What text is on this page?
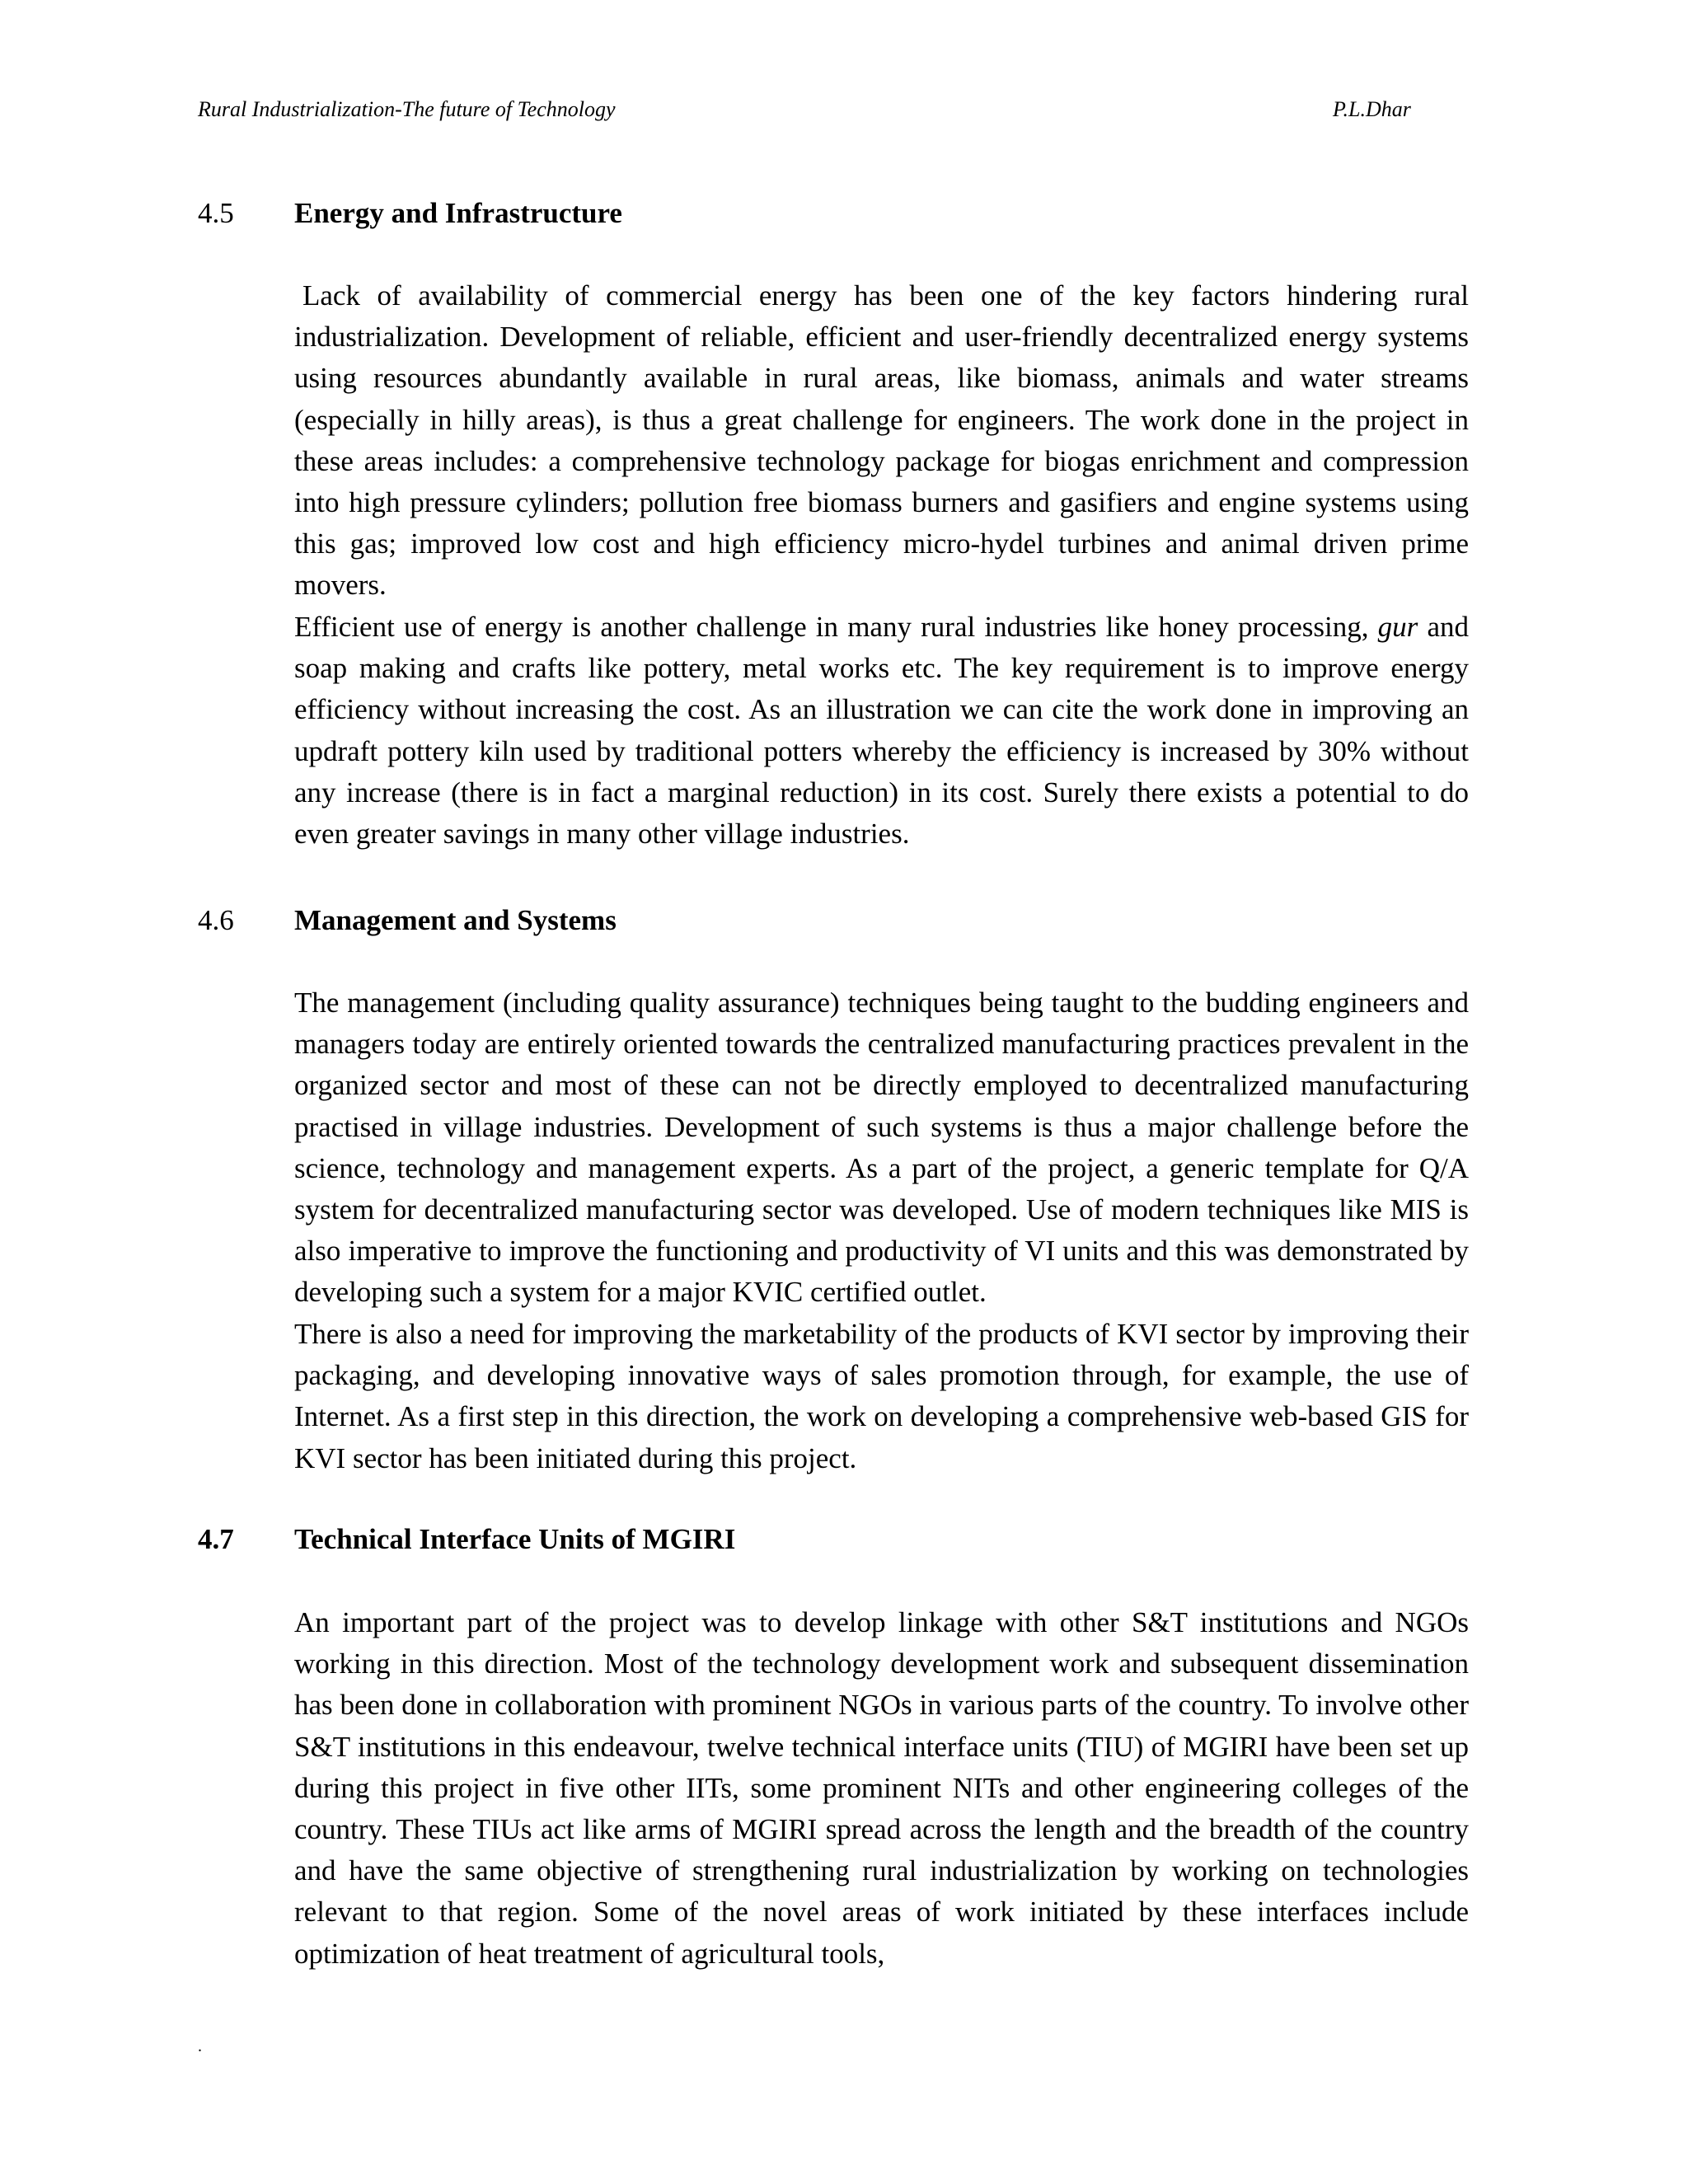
Rural Industrialization-The future of Technology	P.L.Dhar
4.5 Energy and Infrastructure

Lack of availability of commercial energy has been one of the key factors hindering rural industrialization. Development of reliable, efficient and user-friendly decentralized energy systems using resources abundantly available in rural areas, like biomass, animals and water streams (especially in hilly areas), is thus a great challenge for engineers. The work done in the project in these areas includes: a comprehensive technology package for biogas enrichment and compression into high pressure cylinders; pollution free biomass burners and gasifiers and engine systems using this gas; improved low cost and high efficiency micro-hydel turbines and animal driven prime movers.

Efficient use of energy is another challenge in many rural industries like honey processing, gur and soap making and crafts like pottery, metal works etc. The key requirement is to improve energy efficiency without increasing the cost. As an illustration we can cite the work done in improving an updraft pottery kiln used by traditional potters whereby the efficiency is increased by 30% without any increase (there is in fact a marginal reduction) in its cost. Surely there exists a potential to do even greater savings in many other village industries.

4.6 Management and Systems

The management (including quality assurance) techniques being taught to the budding engineers and managers today are entirely oriented towards the centralized manufacturing practices prevalent in the organized sector and most of these can not be directly employed to decentralized manufacturing practised in village industries. Development of such systems is thus a major challenge before the science, technology and management experts. As a part of the project, a generic template for Q/A system for decentralized manufacturing sector was developed. Use of modern techniques like MIS is also imperative to improve the functioning and productivity of VI units and this was demonstrated by developing such a system for a major KVIC certified outlet.

There is also a need for improving the marketability of the products of KVI sector by improving their packaging, and developing innovative ways of sales promotion through, for example, the use of Internet. As a first step in this direction, the work on developing a comprehensive web-based GIS for KVI sector has been initiated during this project.

4.7 Technical Interface Units of MGIRI

An important part of the project was to develop linkage with other S&T institutions and NGOs working in this direction. Most of the technology development work and subsequent dissemination has been done in collaboration with prominent NGOs in various parts of the country. To involve other S&T institutions in this endeavour, twelve technical interface units (TIU) of MGIRI have been set up during this project in five other IITs, some prominent NITs and other engineering colleges of the country. These TIUs act like arms of MGIRI spread across the length and the breadth of the country and have the same objective of strengthening rural industrialization by working on technologies relevant to that region. Some of the novel areas of work initiated by these interfaces include optimization of heat treatment of agricultural tools,

.
